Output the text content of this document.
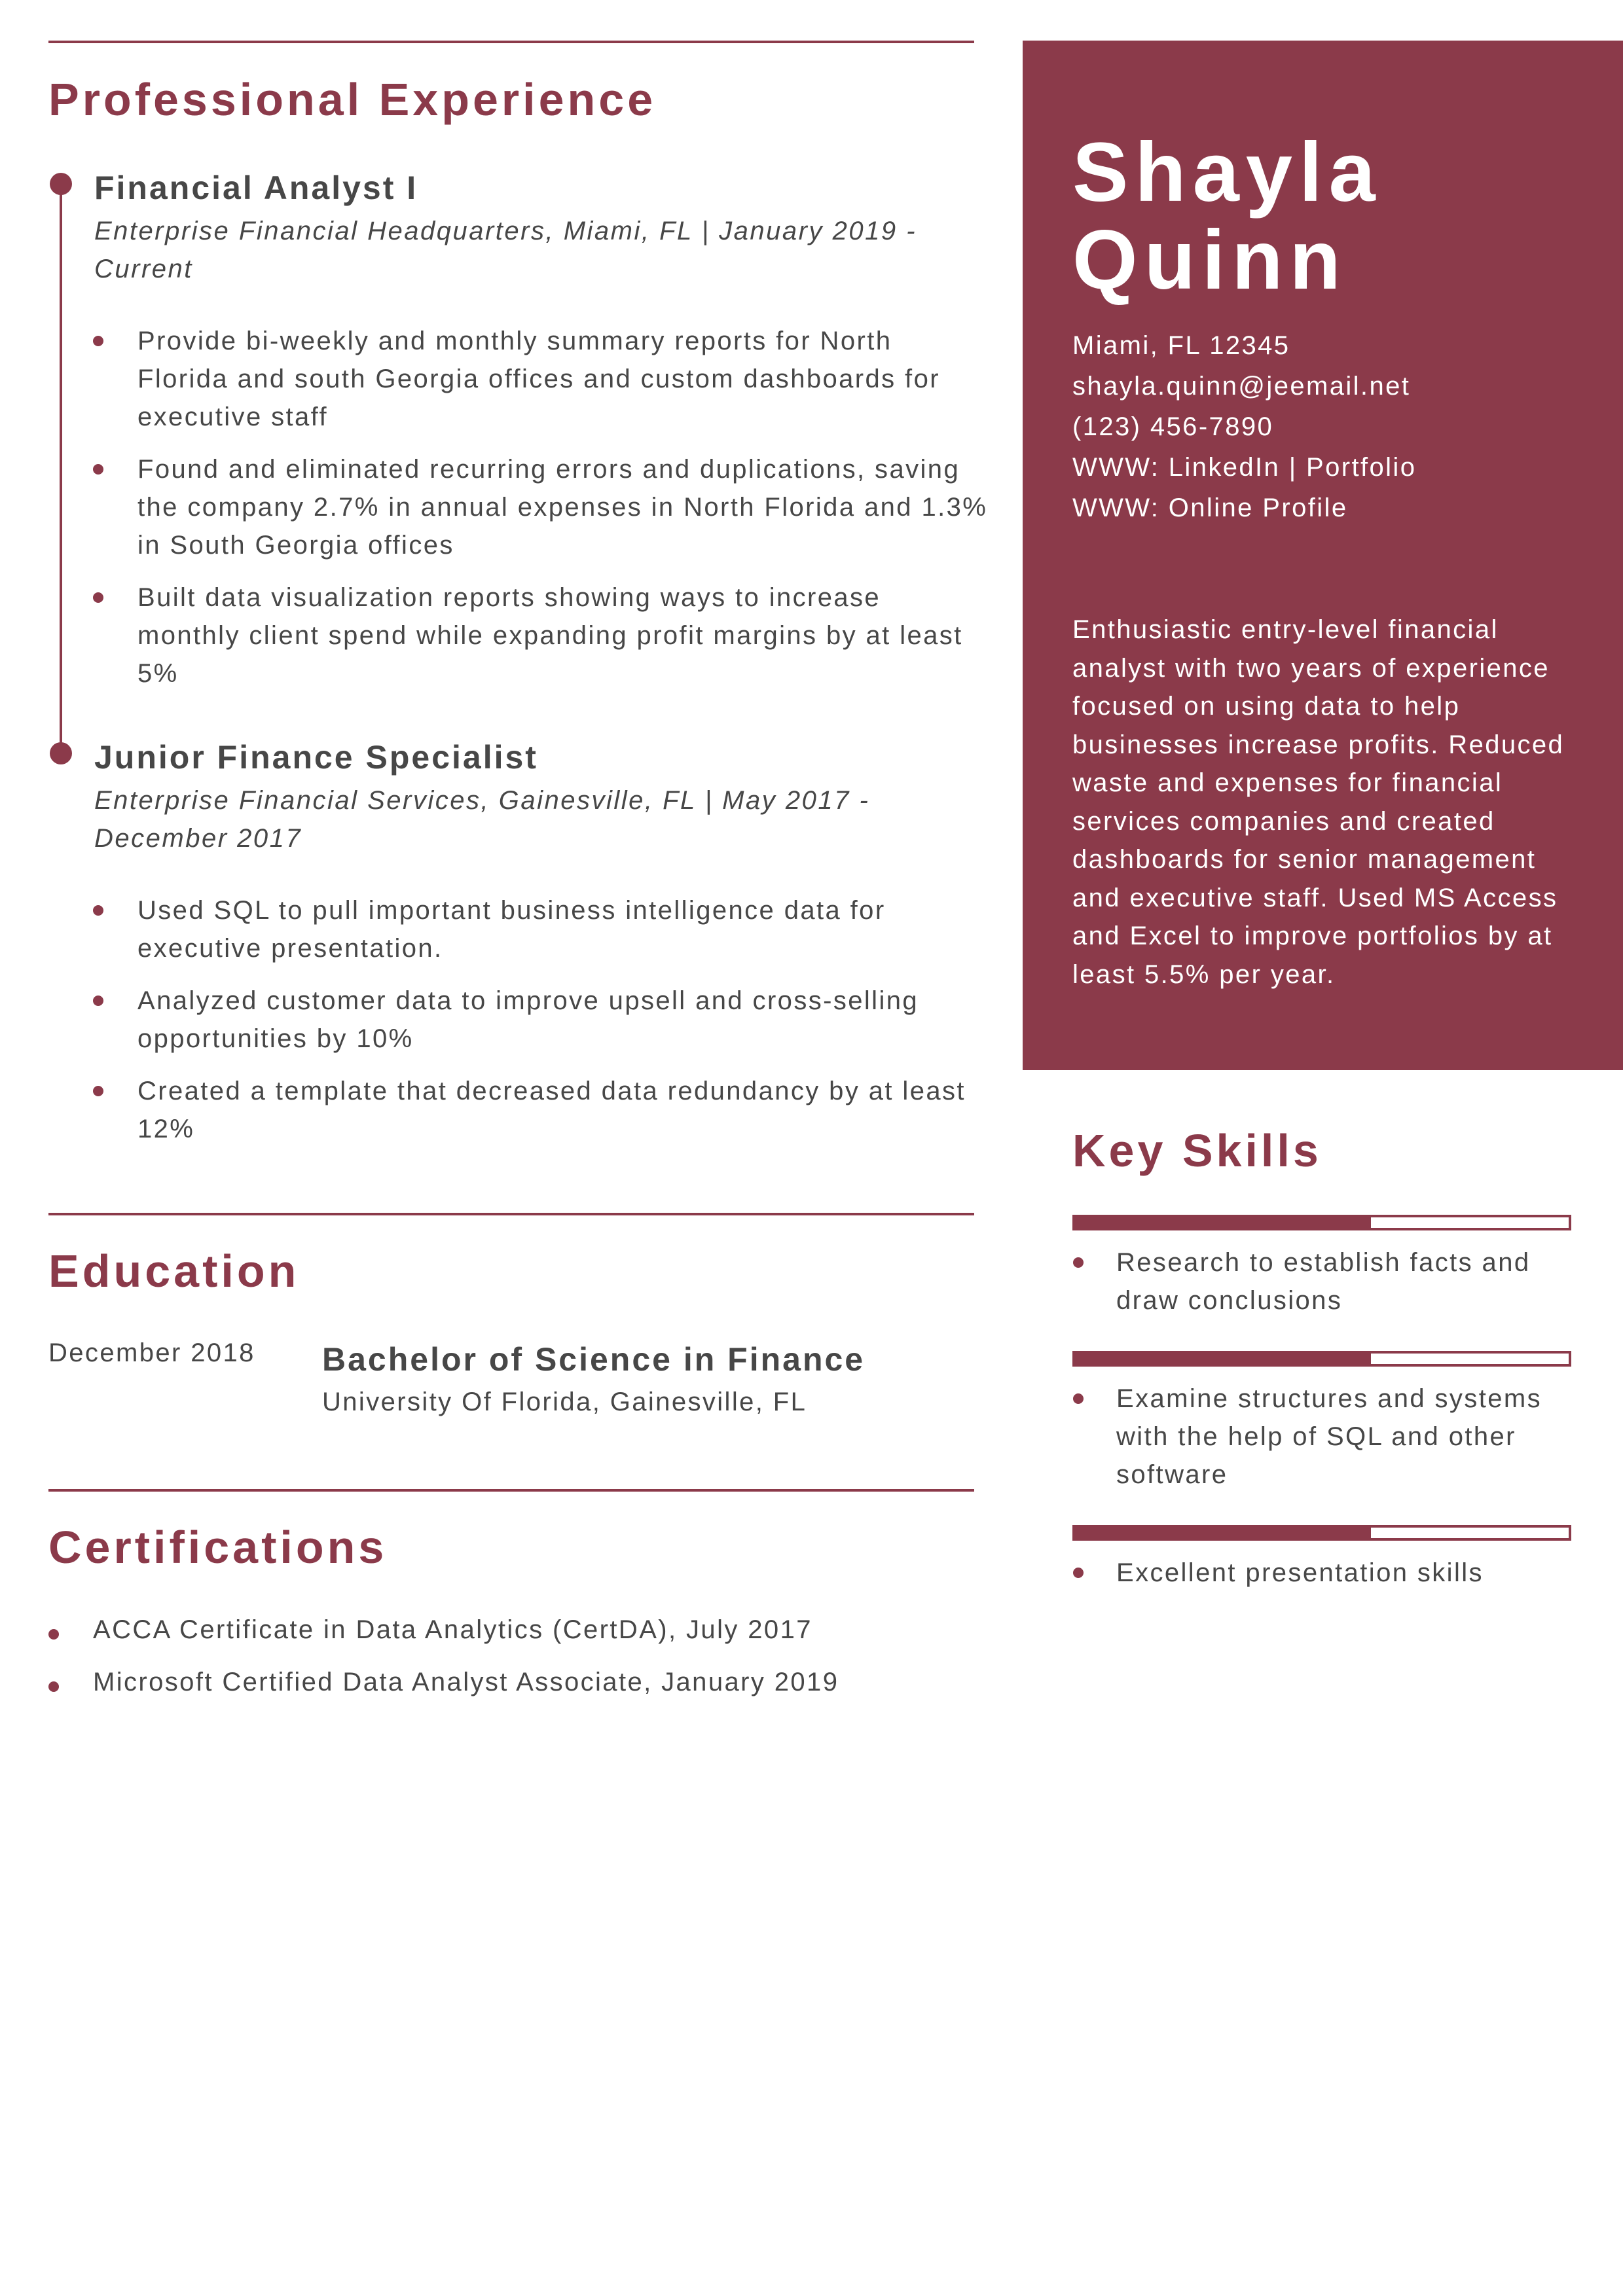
Professional Experience
Financial Analyst I
Enterprise Financial Headquarters, Miami, FL | January 2019 - Current
Provide bi-weekly and monthly summary reports for North Florida and south Georgia offices and custom dashboards for executive staff
Found and eliminated recurring errors and duplications, saving the company 2.7% in annual expenses in North Florida and 1.3% in South Georgia offices
Built data visualization reports showing ways to increase monthly client spend while expanding profit margins by at least 5%
Junior Finance Specialist
Enterprise Financial Services, Gainesville, FL | May 2017 - December 2017
Used SQL to pull important business intelligence data for executive presentation.
Analyzed customer data to improve upsell and cross-selling opportunities by 10%
Created a template that decreased data redundancy by at least 12%
Education
December 2018 Bachelor of Science in Finance
University Of Florida, Gainesville, FL
Certifications
ACCA Certificate in Data Analytics (CertDA), July 2017
Microsoft Certified Data Analyst Associate, January 2019
Shayla
Quinn
Miami, FL 12345
shayla.quinn@jeemail.net
(123) 456-7890
WWW: LinkedIn | Portfolio
WWW: Online Profile
Enthusiastic entry-level financial analyst with two years of experience focused on using data to help businesses increase profits. Reduced waste and expenses for financial services companies and created dashboards for senior management and executive staff. Used MS Access and Excel to improve portfolios by at least 5.5% per year.
Key Skills
Research to establish facts and draw conclusions
Examine structures and systems with the help of SQL and other software
Excellent presentation skills
